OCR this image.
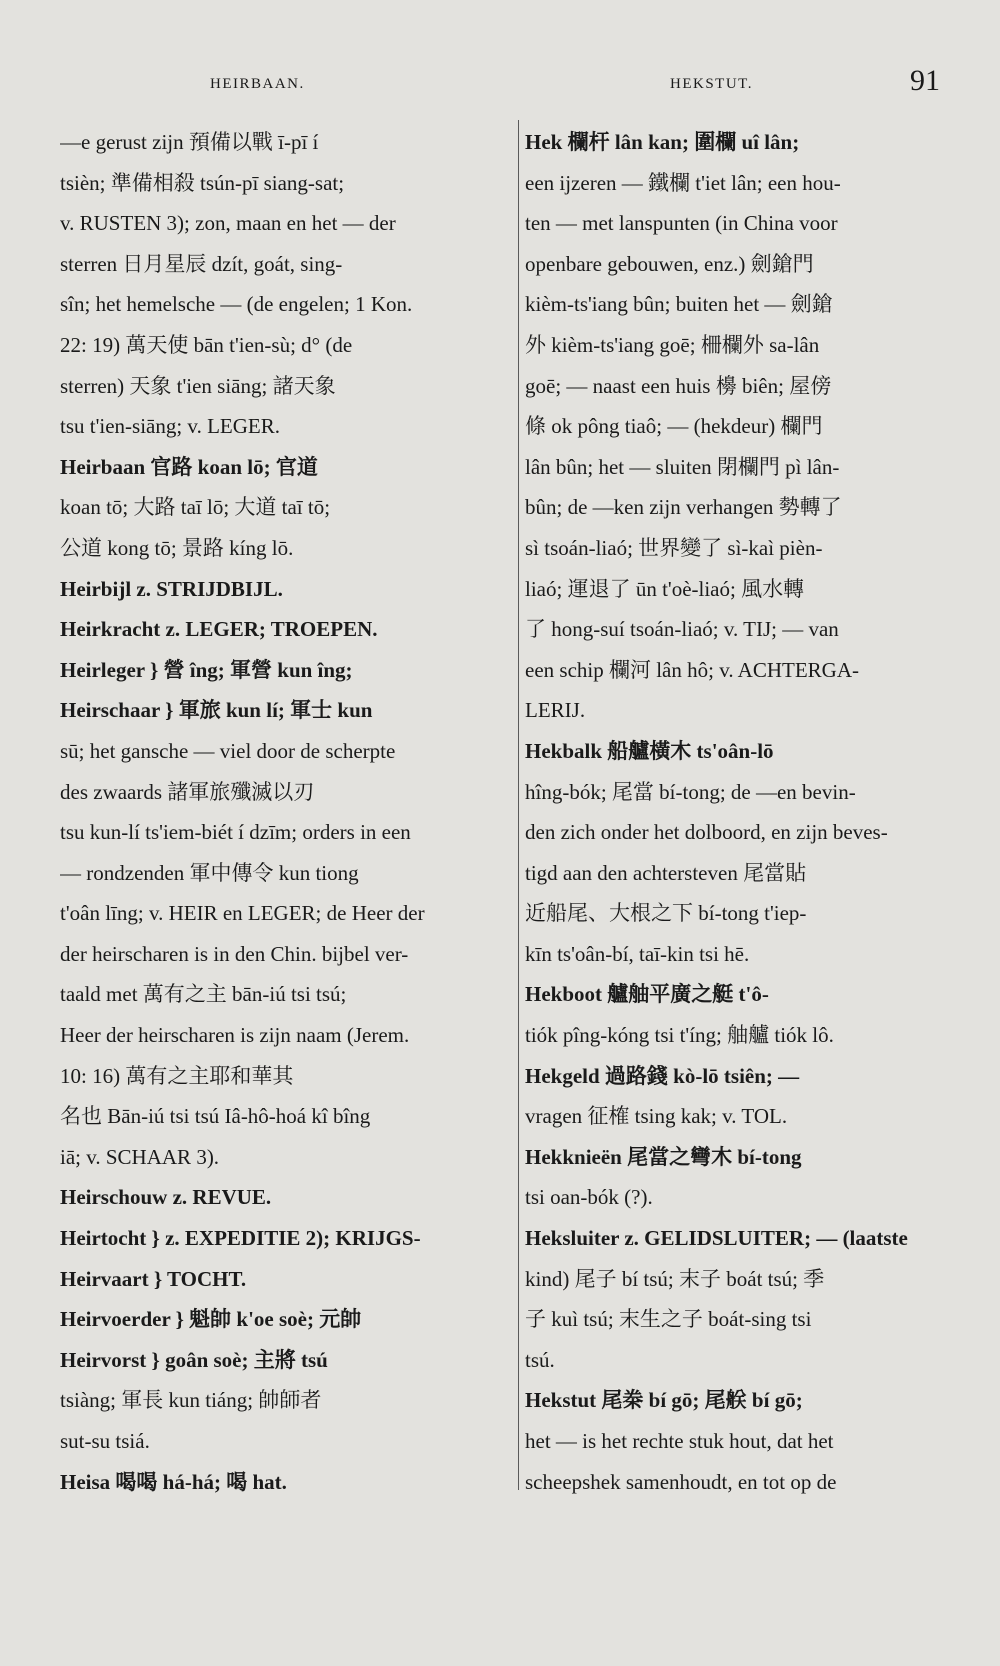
HEIRBAAN.	HEKSTUT.	91
—e gerust zijn 預備以戰 ī-pī í
tsièn; 準備相殺 tsún-pī siang-sat;
v. RUSTEN 3); zon, maan en het — der
sterren 日月星辰 dzít, goát, sing-
sîn; het hemelsche — (de engelen; 1 Kon.
22: 19) 萬天使 bān t'ien-sù; d° (de
sterren) 天象 t'ien siāng; 諸天象
tsu t'ien-siāng; v. LEGER.
Heirbaan 官路 koan lō; 官道
koan tō; 大路 taī lō; 大道 taī tō;
公道 kong tō; 景路 kíng lō.
Heirbijl z. STRIJDBIJL.
Heirkracht z. LEGER; TROEPEN.
Heirleger } 營 îng; 軍營 kun îng;
Heirschaar } 軍旅 kun lí; 軍士 kun
sū; het gansche — viel door de scherpte
des zwaards 諸軍旅殲滅以刃
tsu kun-lí ts'iem-biét í dzīm; orders in een
— rondzenden 軍中傳令 kun tiong
t'oân līng; v. HEIR en LEGER; de Heer der
der heirscharen is in den Chin. bijbel ver-
taald met 萬有之主 bān-iú tsi tsú;
Heer der heirscharen is zijn naam (Jerem.
10: 16) 萬有之主耶和華其
名也 Bān-iú tsi tsú Iâ-hô-hoá kî bîng
iā; v. SCHAAR 3).
Heirschouw z. REVUE.
Heirtocht } z. EXPEDITIE 2); KRIJGS-
Heirvaart } TOCHT.
Heirvoerder } 魁帥 k'oe soè; 元帥
Heirvorst } goân soè; 主將 tsú
tsiàng; 軍長 kun tiáng; 帥師者
sut-su tsiá.
Heisa 喝喝 há-há; 喝 hat.
Hek 欄杆 lân kan; 圍欄 uî lân;
een ijzeren — 鐵欄 t'iet lân; een hou-
ten — met lanspunten (in China voor
openbare gebouwen, enz.) 劍鎗門
kièm-ts'iang bûn; buiten het — 劍鎗
外 kièm-ts'iang goē; 柵欄外 sa-lân
goē; — naast een huis 櫋 biên; 屋傍
條 ok pông tiaô; — (hekdeur) 欄門
lân bûn; het — sluiten 閉欄門 pì lân-
bûn; de —ken zijn verhangen 勢轉了
sì tsoán-liaó; 世界變了 sì-kaì pièn-
liaó; 運退了 ūn t'oè-liaó; 風水轉
了 hong-suí tsoán-liaó; v. TIJ; — van
een schip 欄河 lân hô; v. ACHTERGA-
LERIJ.
Hekbalk 船艫橫木 ts'oân-lō
hîng-bók; 尾當 bí-tong; de —en bevin-
den zich onder het dolboord, en zijn beves-
tigd aan den achtersteven 尾當貼
近船尾、大根之下 bí-tong t'iep-
kīn ts'oân-bí, taī-kin tsi hē.
Hekboot 艫舳平廣之艇 t'ô-
tiók pîng-kóng tsi t'íng; 舳艫 tiók lô.
Hekgeld 過路錢 kò-lō tsiên; —
vragen 征榷 tsing kak; v. TOL.
Hekknieën 尾當之彎木 bí-tong
tsi oan-bók (?).
Heksluiter z. GELIDSLUITER; — (laatste
kind) 尾子 bí tsú; 末子 boát tsú; 季
子 kuì tsú; 末生之子 boát-sing tsi
tsú.
Hekstut 尾桊 bí gō; 尾𦨶 bí gō;
het — is het rechte stuk hout, dat het
scheepshek samenhoudt, en tot op de
